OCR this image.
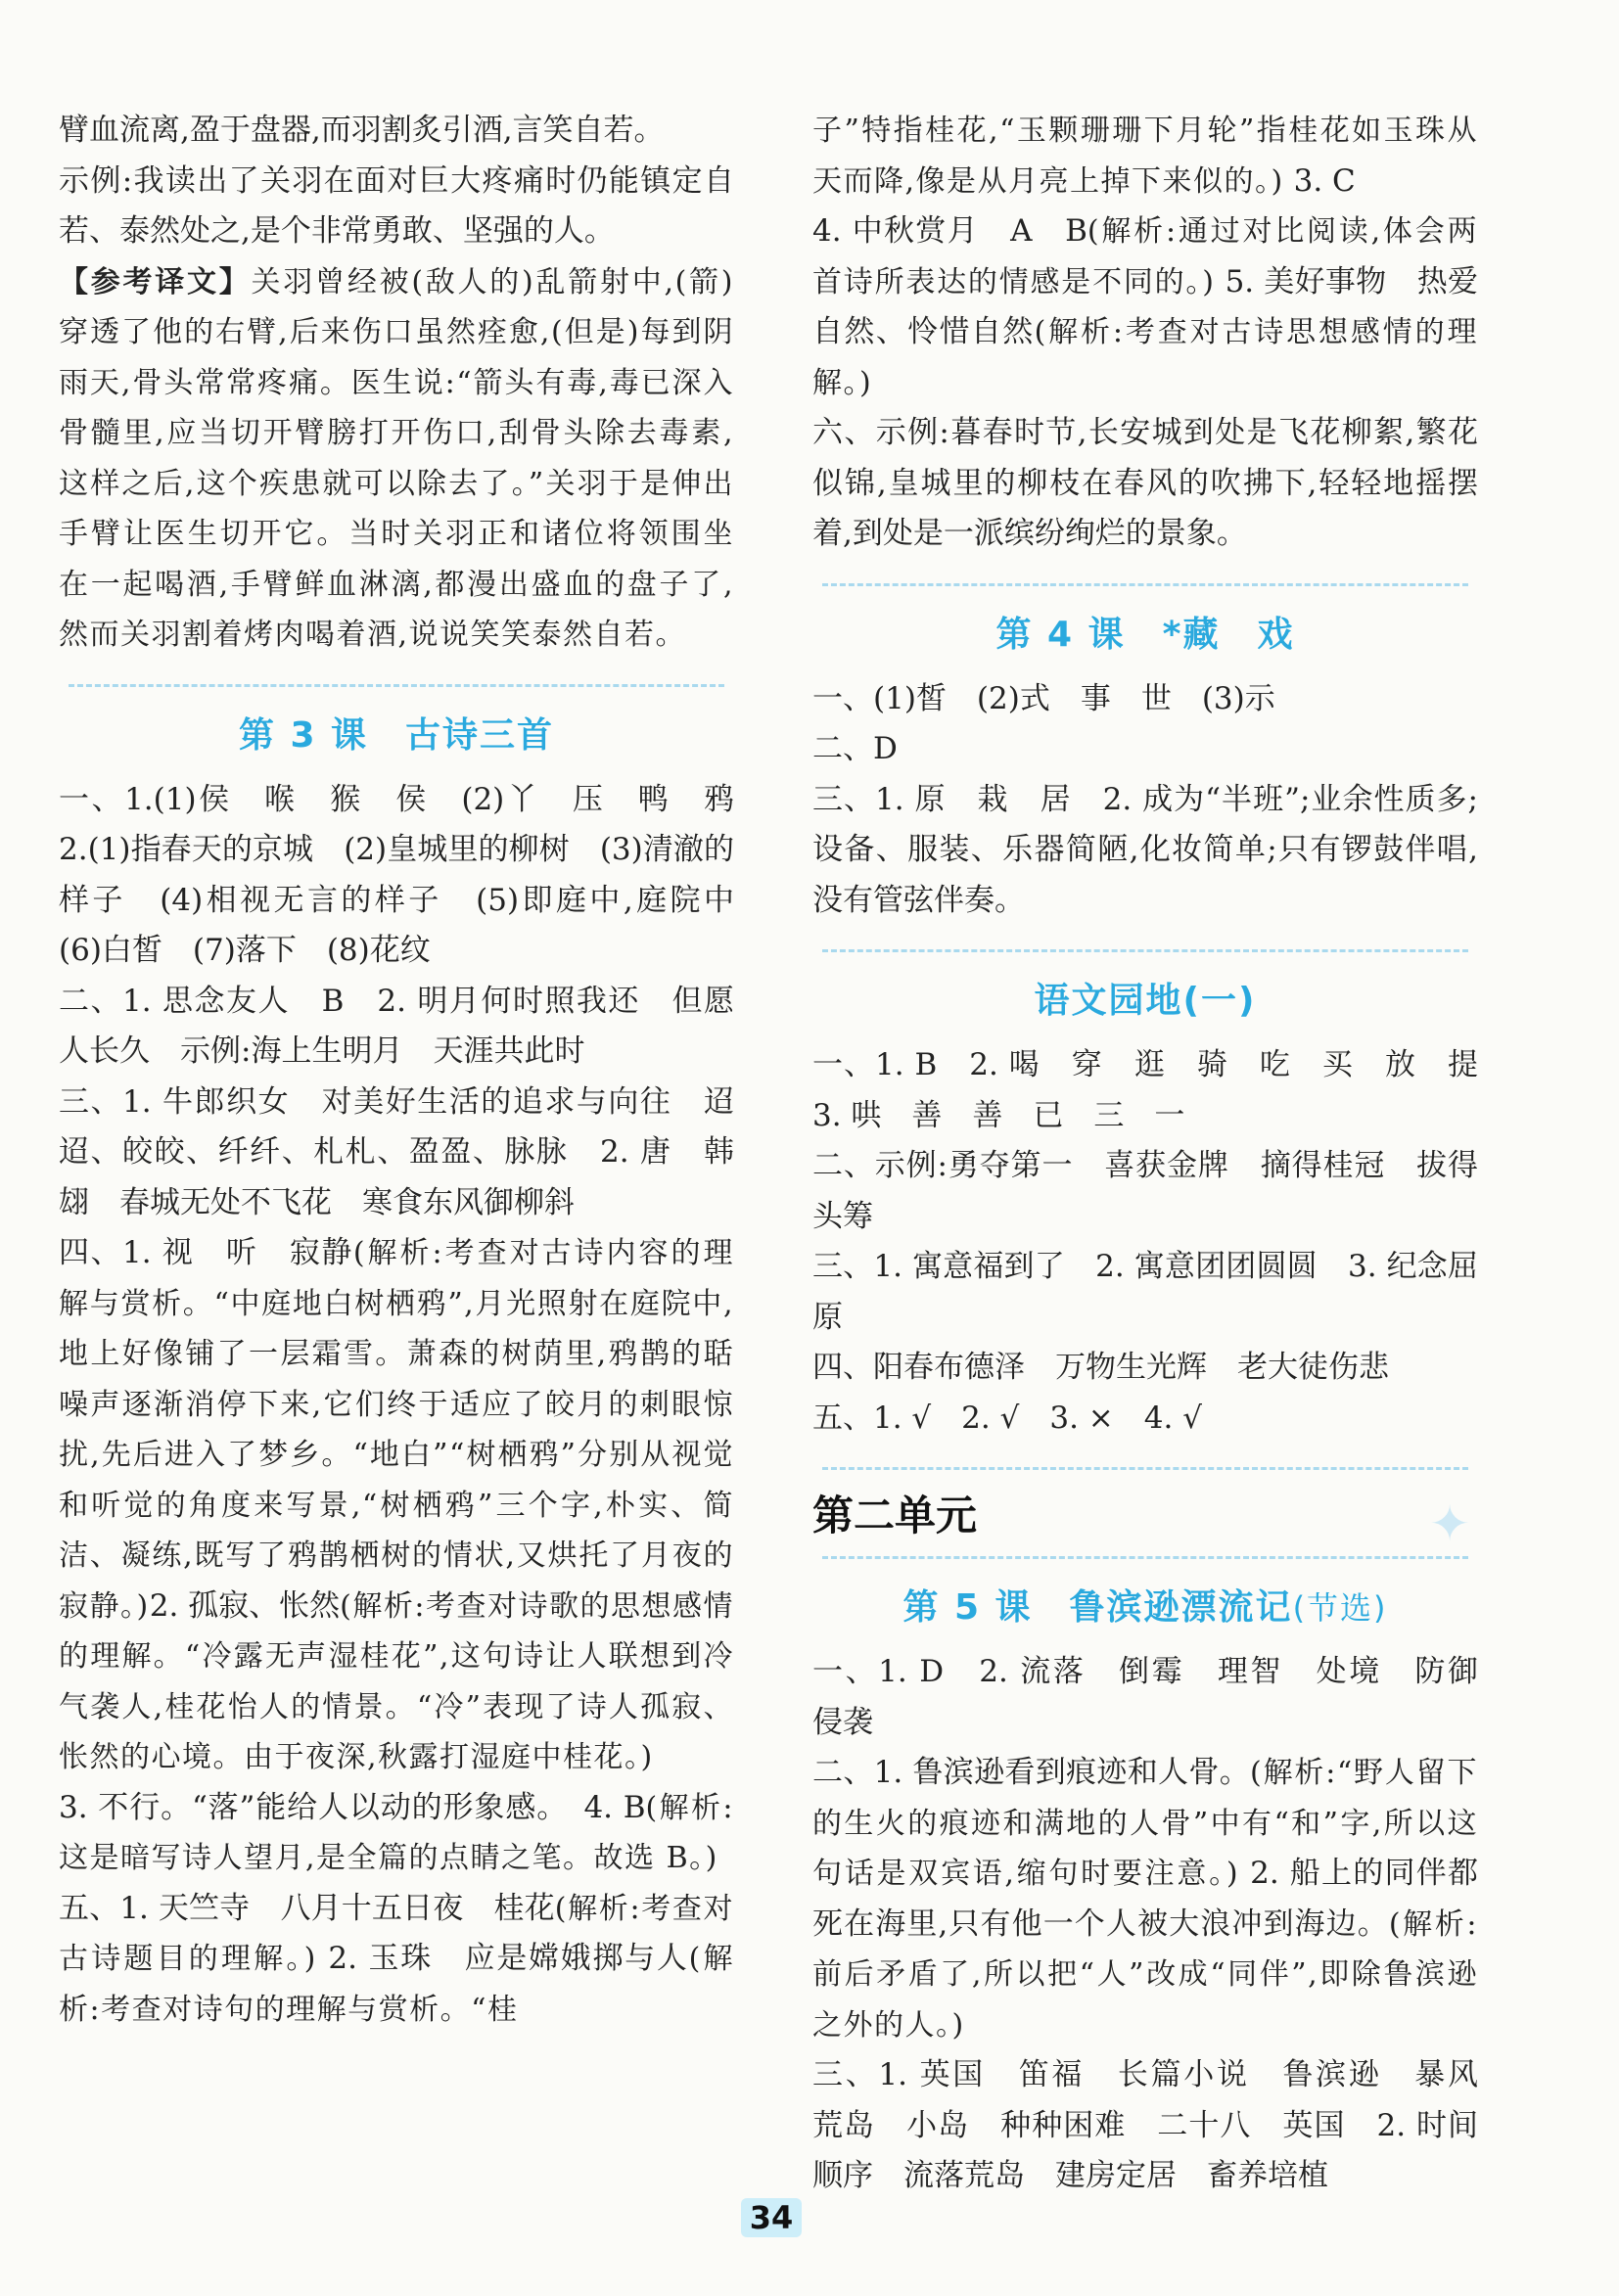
臂血流离,盈于盘器,而羽割炙引酒,言笑自若。

示例:我读出了关羽在面对巨大疼痛时仍能镇定自若、泰然处之,是个非常勇敢、坚强的人。

【参考译文】关羽曾经被(敌人的)乱箭射中,(箭)穿透了他的右臂,后来伤口虽然痊愈,(但是)每到阴雨天,骨头常常疼痛。医生说:“箭头有毒,毒已深入骨髓里,应当切开臂膀打开伤口,刮骨头除去毒素,这样之后,这个疾患就可以除去了。”关羽于是伸出手臂让医生切开它。当时关羽正和诸位将领围坐在一起喝酒,手臂鲜血淋漓,都漫出盛血的盘子了,然而关羽割着烤肉喝着酒,说说笑笑泰然自若。

第 3 课　古诗三首

一、1.(1)侯　喉　猴　侯　(2)丫　压　鸭　鸦　2.(1)指春天的京城　(2)皇城里的柳树　(3)清澈的样子　(4)相视无言的样子　(5)即庭中,庭院中　(6)白皙　(7)落下　(8)花纹

二、1. 思念友人　B　2. 明月何时照我还　但愿人长久　示例:海上生明月　天涯共此时

三、1. 牛郎织女　对美好生活的追求与向往　迢迢、皎皎、纤纤、札札、盈盈、脉脉　2. 唐　韩翃　春城无处不飞花　寒食东风御柳斜

四、1. 视　听　寂静(解析:考查对古诗内容的理解与赏析。“中庭地白树栖鸦”,月光照射在庭院中,地上好像铺了一层霜雪。萧森的树荫里,鸦鹊的聒噪声逐渐消停下来,它们终于适应了皎月的刺眼惊扰,先后进入了梦乡。“地白”“树栖鸦”分别从视觉和听觉的角度来写景,“树栖鸦”三个字,朴实、简洁、凝练,既写了鸦鹊栖树的情状,又烘托了月夜的寂静。)2. 孤寂、怅然(解析:考查对诗歌的思想感情的理解。“冷露无声湿桂花”,这句诗让人联想到冷气袭人,桂花怡人的情景。“冷”表现了诗人孤寂、怅然的心境。由于夜深,秋露打湿庭中桂花。)

3. 不行。“落”能给人以动的形象感。　4. B(解析:这是暗写诗人望月,是全篇的点睛之笔。故选 B。)

五、1. 天竺寺　八月十五日夜　桂花(解析:考查对古诗题目的理解。) 2. 玉珠　应是嫦娥掷与人(解析:考查对诗句的理解与赏析。“桂

子”特指桂花,“玉颗珊珊下月轮”指桂花如玉珠从天而降,像是从月亮上掉下来似的。) 3. C

4. 中秋赏月　A　B(解析:通过对比阅读,体会两首诗所表达的情感是不同的。) 5. 美好事物　热爱自然、怜惜自然(解析:考查对古诗思想感情的理解。)

六、示例:暮春时节,长安城到处是飞花柳絮,繁花似锦,皇城里的柳枝在春风的吹拂下,轻轻地摇摆着,到处是一派缤纷绚烂的景象。

第 4 课　*藏　戏

一、(1)皙　(2)式　事　世　(3)示

二、D

三、1. 原　栽　居　2. 成为“半班”;业余性质多;设备、服装、乐器简陋,化妆简单;只有锣鼓伴唱,没有管弦伴奏。

语文园地(一)

一、1. B　2. 喝　穿　逛　骑　吃　买　放　提　3. 哄　善　善　已　三　一

二、示例:勇夺第一　喜获金牌　摘得桂冠　拔得头筹

三、1. 寓意福到了　2. 寓意团团圆圆　3. 纪念屈原

四、阳春布德泽　万物生光辉　老大徒伤悲

五、1. √　2. √　3. ×　4. √

第二单元	✦
第 5 课　鲁滨逊漂流记(节选)

一、1. D　2. 流落　倒霉　理智　处境　防御　侵袭

二、1. 鲁滨逊看到痕迹和人骨。(解析:“野人留下的生火的痕迹和满地的人骨”中有“和”字,所以这句话是双宾语,缩句时要注意。) 2. 船上的同伴都死在海里,只有他一个人被大浪冲到海边。(解析:前后矛盾了,所以把“人”改成“同伴”,即除鲁滨逊之外的人。)

三、1. 英国　笛福　长篇小说　鲁滨逊　暴风　荒岛　小岛　种种困难　二十八　英国　2. 时间顺序　流落荒岛　建房定居　畜养培植

34
